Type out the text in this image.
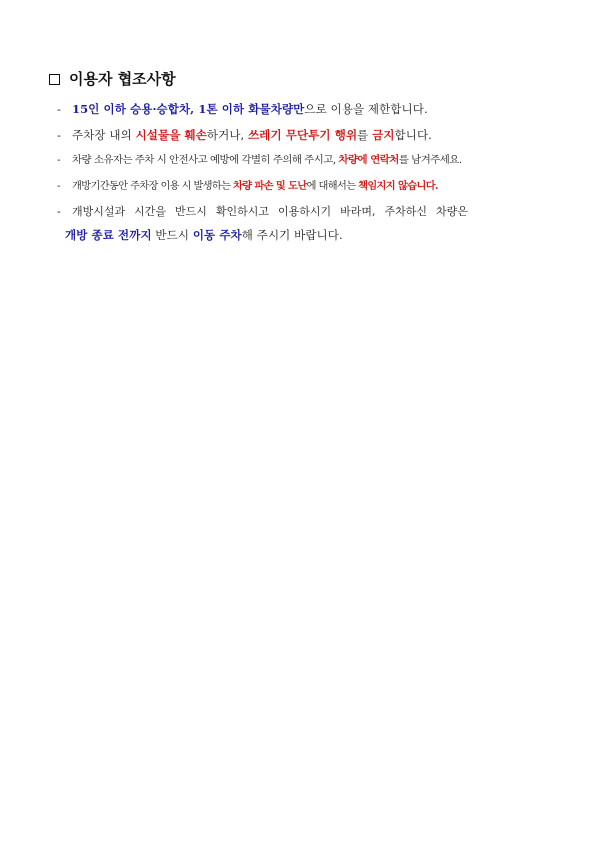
이용자 협조사항
- 15인 이하 승용·승합차, 1톤 이하 화물차량만으로 이용을 제한합니다.
- 주차장 내의 시설물을 훼손하거나, 쓰레기 무단투기 행위를 금지합니다.
- 차량 소유자는 주차 시 안전사고 예방에 각별히 주의해 주시고, 차량에 연락처를 남겨주세요.
- 개방기간동안 주차장 이용 시 발생하는 차량 파손 및 도난에 대해서는 책임지지 않습니다.
- 개방시설과 시간을 반드시 확인하시고 이용하시기 바라며, 주차하신 차량은
개방 종료 전까지 반드시 이동 주차해 주시기 바랍니다.
